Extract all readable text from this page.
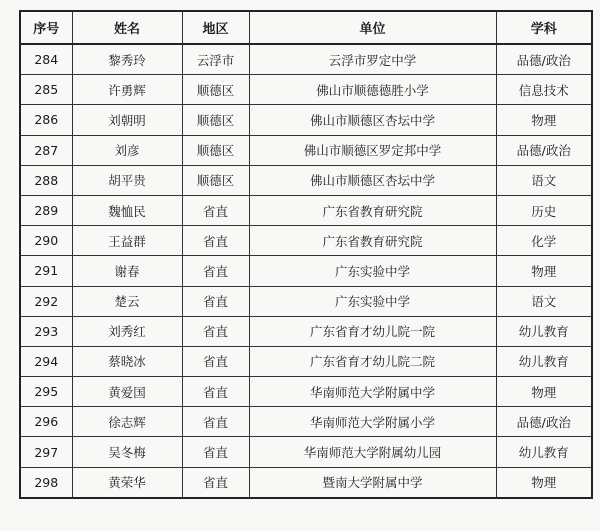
序号	姓名	地区	单位	学科
284	黎秀玲	云浮市	云浮市罗定中学	品德/政治
285	许勇辉	顺德区	佛山市顺德德胜小学	信息技术
286	刘朝明	顺德区	佛山市顺德区杏坛中学	物理
287	刘彦	顺德区	佛山市顺德区罗定邦中学	品德/政治
288	胡平贵	顺德区	佛山市顺德区杏坛中学	语文
289	魏恤民	省直	广东省教育研究院	历史
290	王益群	省直	广东省教育研究院	化学
291	谢春	省直	广东实验中学	物理
292	楚云	省直	广东实验中学	语文
293	刘秀红	省直	广东省育才幼儿院一院	幼儿教育
294	蔡晓冰	省直	广东省育才幼儿院二院	幼儿教育
295	黄爱国	省直	华南师范大学附属中学	物理
296	徐志辉	省直	华南师范大学附属小学	品德/政治
297	吴冬梅	省直	华南师范大学附属幼儿园	幼儿教育
298	黄荣华	省直	暨南大学附属中学	物理
